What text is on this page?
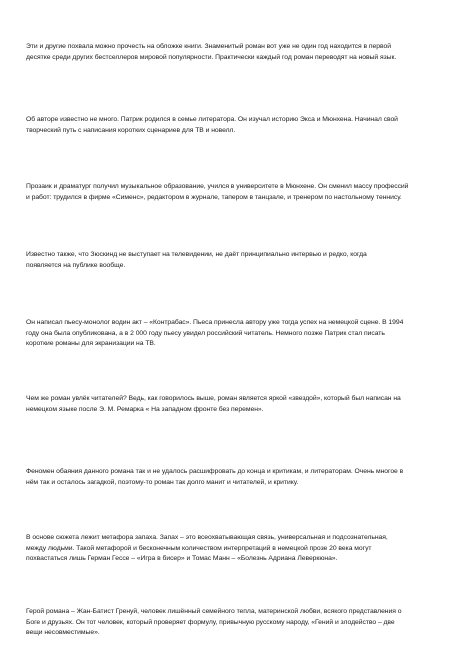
Эти и другие похвала можно прочесть на обложке книги. Знаменитый роман вот уже не один год находится в первой
десятке среди других бестселлеров мировой популярности. Практически каждый год роман переводят на новый язык.

Об авторе известно не много. Патрик родился в семье литератора. Он изучал историю Экса и Мюнхена. Начинал свой
творческий путь с написания коротких сценариев для ТВ и новелл.

Прозаик и драматург получил музыкальное образование, учился в университете в Мюнхене. Он сменил массу профессий
и работ: трудился в фирме «Сименс», редактором в журнале, тапером в танцзале, и тренером по настольному теннису.

Известно также, что Зюскинд не выступает на телевидении, не даёт принципиально интервью и редко, когда
появляется на публике вообще.

Он написал пьесу-монолог водин акт – «Контрабас». Пьеса принесла автору уже тогда успех на немецкой сцене. В 1994
году она была опубликована, а в 2 000 году пьесу увидел российский читатель. Немного позже Патрик стал писать
короткие романы для экранизации на ТВ.

Чем же роман увлёк читателей? Ведь, как говорилось выше, роман является яркой «звездой», который был написан на
немецком языке после Э. М. Ремарка « На западном фронте без перемен».

Феномен обаяния данного романа так и не удалось расшифровать до конца и критикам, и литераторам. Очень многое в
нём так и осталось загадкой, поэтому-то роман так долго манит и читателей, и критику.

В основе сюжета лежит метафора запаха. Запах – это всеохватывающая связь, универсальная и подсознательная,
между людьми. Такой метафорой и бесконечным количеством интерпретаций в немецкой прозе 20 века могут
похвастаться лишь Герман Гессе – «Игра в бисер» и Томас Манн – «Болезнь Адриана Леверкюна».

Герой романа – Жан-Батист Гренуй, человек лишённый семейного тепла, материнской любви, всякого представления о
Боге и друзьях. Он тот человек, который проверяет формулу, привычную русскому народу, «Гений и злодейство – две
вещи несовместимые».
